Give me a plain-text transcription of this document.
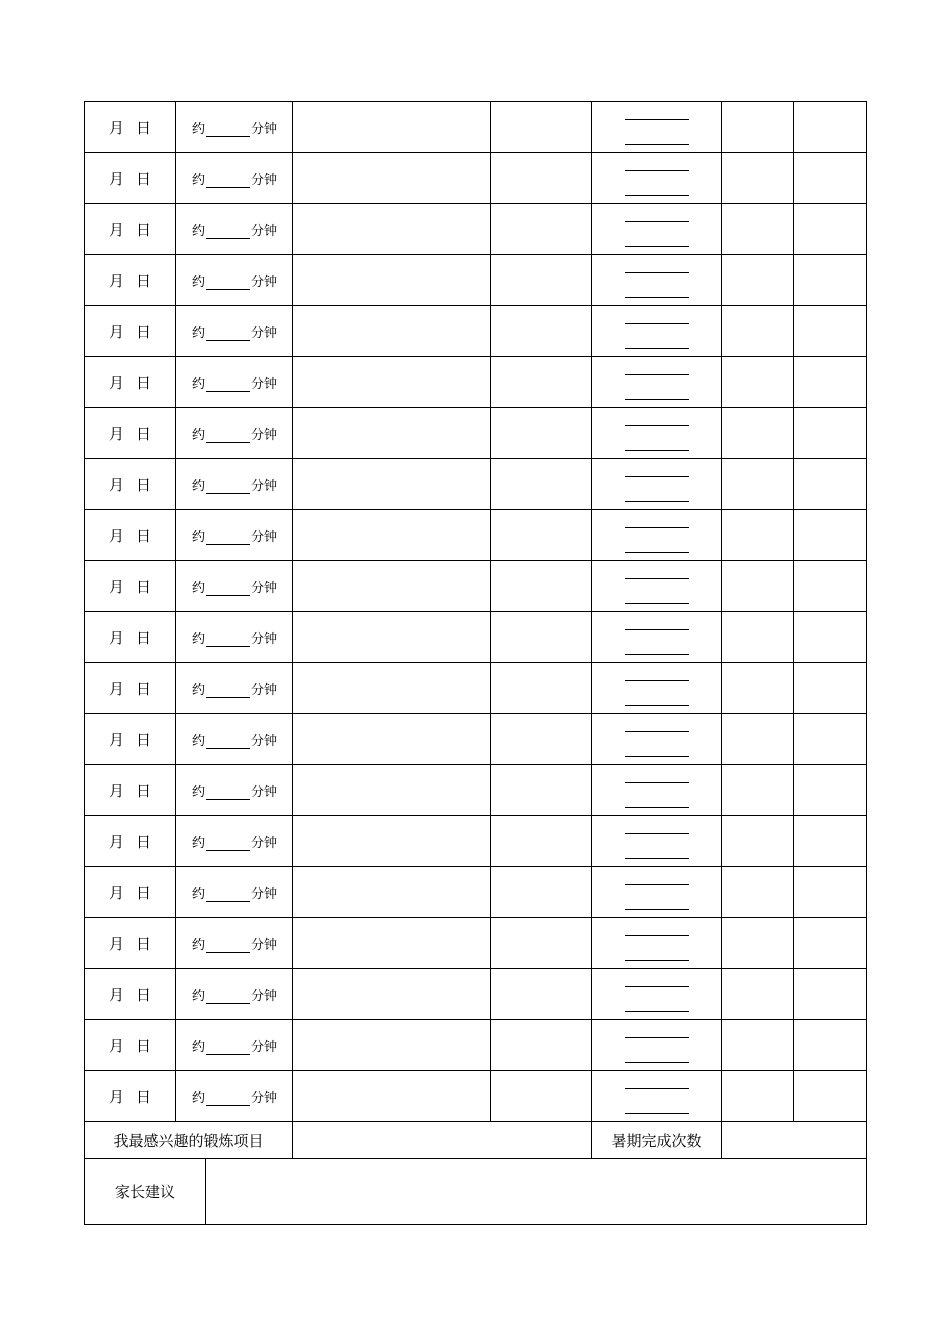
月 日	约 分钟					

月 日	约 分钟					

月 日	约 分钟					

月 日	约 分钟					

月 日	约 分钟					

月 日	约 分钟					

月 日	约 分钟					

月 日	约 分钟					

月 日	约 分钟					

月 日	约 分钟					

月 日	约 分钟					

月 日	约 分钟					

月 日	约 分钟					

月 日	约 分钟					

月 日	约 分钟					

月 日	约 分钟					

月 日	约 分钟					

月 日	约 分钟					

月 日	约 分钟					

月 日	约 分钟					

我最感兴趣的锻炼项目				暑期完成次数		
家长建议	
